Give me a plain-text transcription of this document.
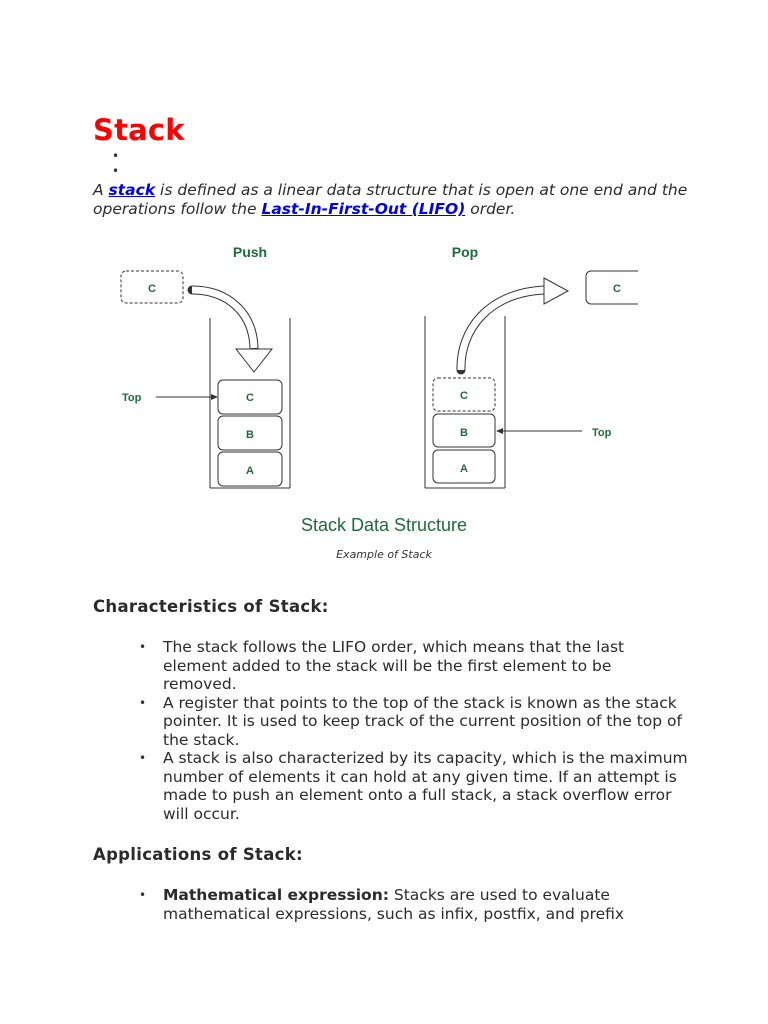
Stack

A stack is defined as a linear data structure that is open at one end and the operations follow the Last-In-First-Out (LIFO) order.

Push
C
C
B
A
Top
Pop
C
B
A
Top
C
Stack Data Structure
Example of Stack
Characteristics of Stack:
• The stack follows the LIFO order, which means that the last element added to the stack will be the first element to be removed.
• A register that points to the top of the stack is known as the stack pointer. It is used to keep track of the current position of the top of the stack.
• A stack is also characterized by its capacity, which is the maximum number of elements it can hold at any given time. If an attempt is made to push an element onto a full stack, a stack overflow error will occur.
Applications of Stack:
• Mathematical expression: Stacks are used to evaluate mathematical expressions, such as infix, postfix, and prefix
